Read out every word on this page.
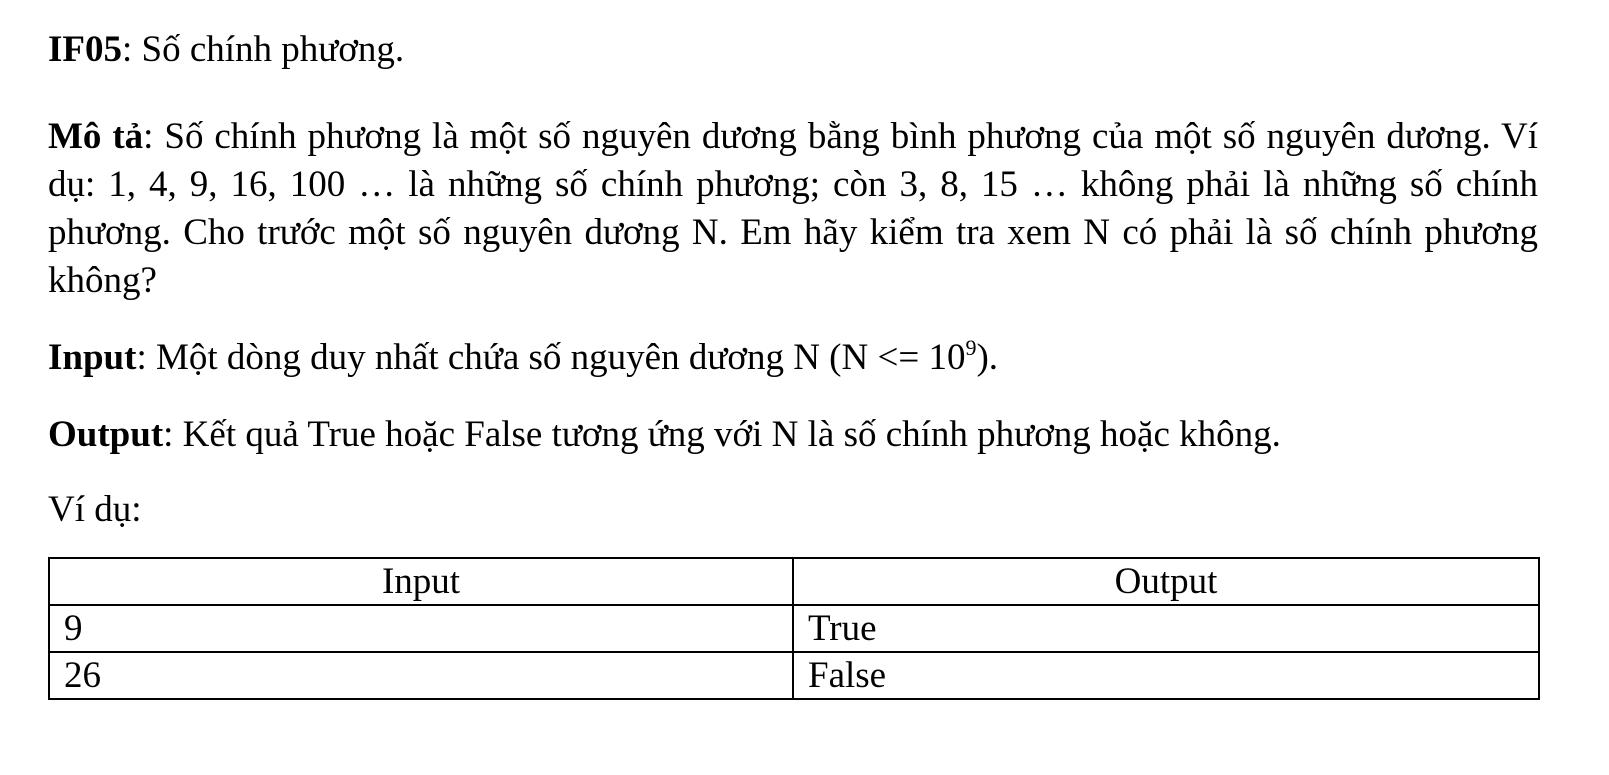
IF05: Số chính phương.
Mô tả: Số chính phương là một số nguyên dương bằng bình phương của một số nguyên dương. Ví dụ: 1, 4, 9, 16, 100 … là những số chính phương; còn 3, 8, 15 … không phải là những số chính phương. Cho trước một số nguyên dương N. Em hãy kiểm tra xem N có phải là số chính phương không?
Input: Một dòng duy nhất chứa số nguyên dương N $(N <= 10^9)$.
Output: Kết quả True hoặc False tương ứng với N là số chính phương hoặc không.
Ví dụ:
Input	Output
9	True
26	False
